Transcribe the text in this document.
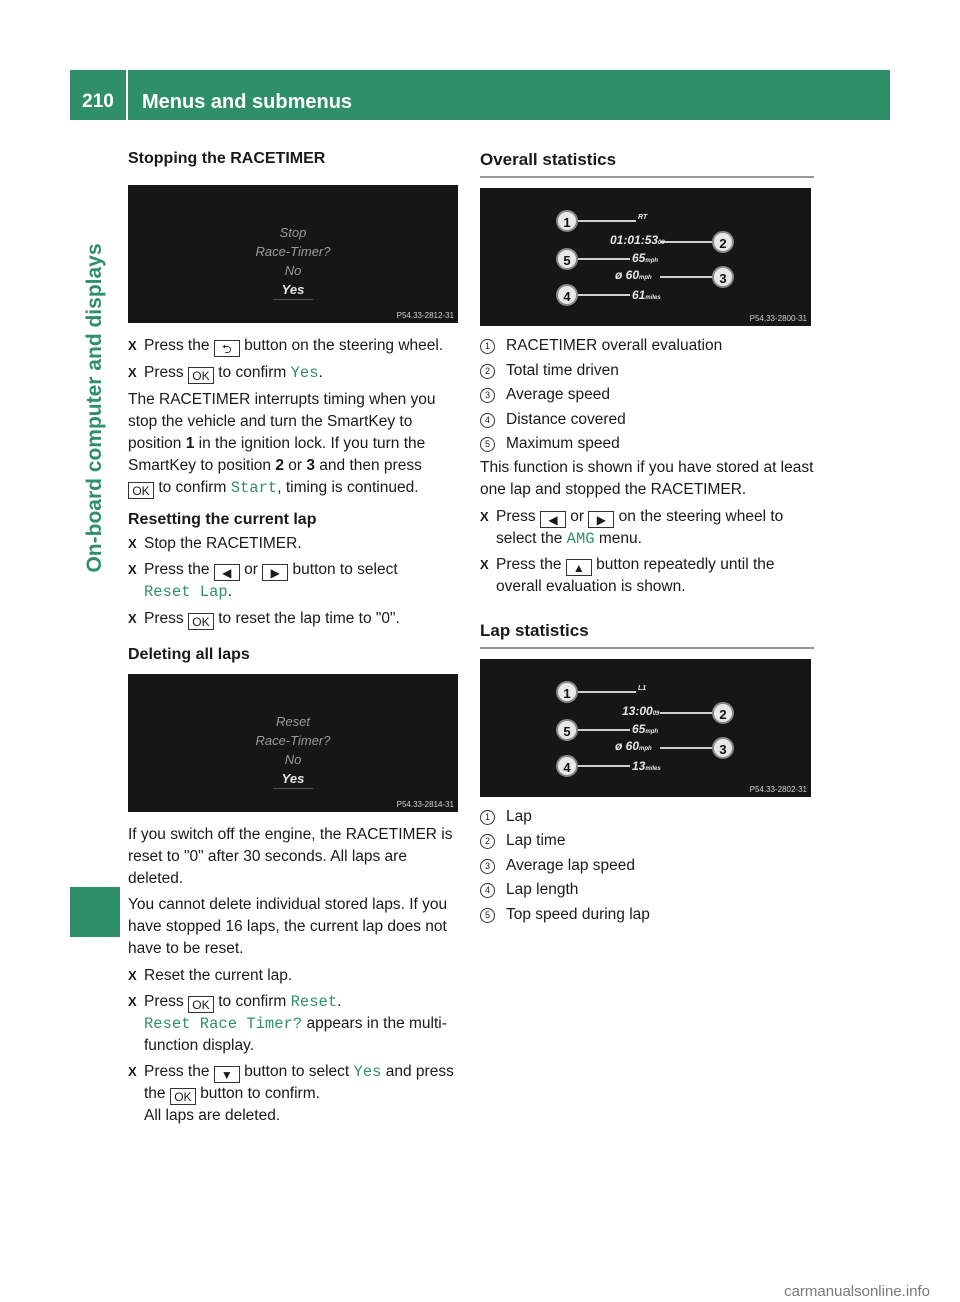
210	Menus and submenus
On-board computer and displays
Stopping the RACETIMER
Stop
Race-Timer?
No
Yes
P54.33-2812-31
X Press the ⮌ button on the steering wheel.
X Press OK to confirm Yes.

The RACETIMER interrupts timing when you stop the vehicle and turn the SmartKey to position 1 in the ignition lock. If you turn the SmartKey to position 2 or 3 and then press
OK to confirm Start, timing is continued.

Resetting the current lap
X Stop the RACETIMER.
X Press the ◀ or ▶ button to select
Reset Lap.
X Press OK to reset the lap time to "0".
Deleting all laps
Reset
Race-Timer?
No
Yes
P54.33-2814-31

If you switch off the engine, the RACETIMER is reset to "0" after 30 seconds. All laps are deleted.

You cannot delete individual stored laps. If you have stopped 16 laps, the current lap does not have to be reset.

X Reset the current lap.
X Press OK to confirm Reset.
Reset Race Timer? appears in the multi-function display.
X Press the ▼ button to select Yes and press the OK button to confirm.
All laps are deleted.
Overall statistics
1	RT
2
01:01:5309
5	65mph
3
ø 60mph
4	61miles
P54.33-2800-31
1	RACETIMER overall evaluation
2	Total time driven
3	Average speed
4	Distance covered
5	Maximum speed

This function is shown if you have stored at least one lap and stopped the RACETIMER.

X Press ◀ or ▶ on the steering wheel to select the AMG menu.
X Press the ▲ button repeatedly until the overall evaluation is shown.
Lap statistics
1	L1
2
13:0009
5	65mph
3
ø 60mph
4	13miles
P54.33-2802-31
1	Lap
2	Lap time
3	Average lap speed
4	Lap length
5	Top speed during lap
carmanualsonline.info
